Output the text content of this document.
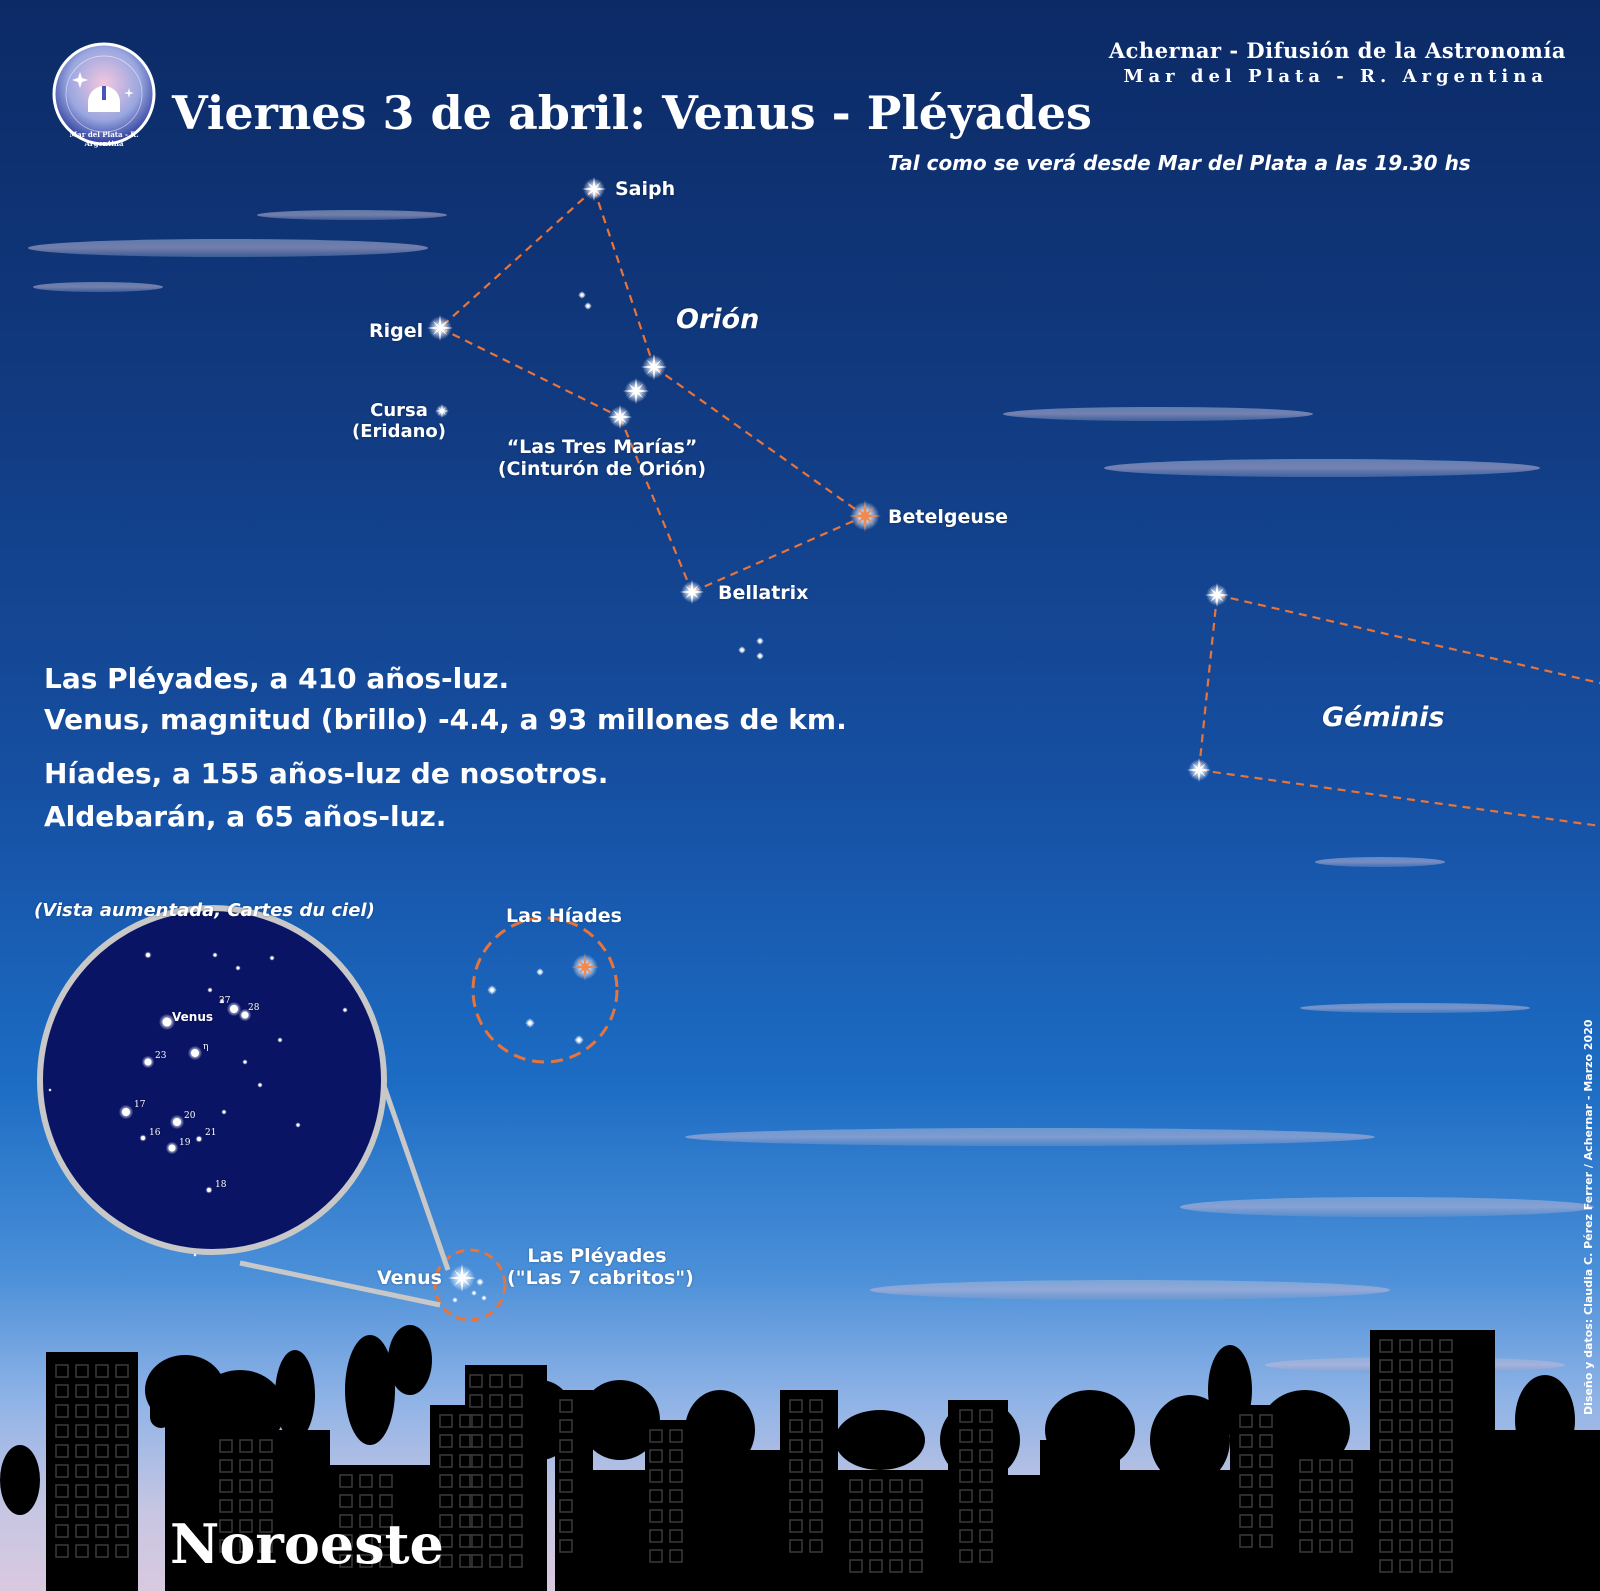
Viernes 3 de abril: Venus - Pléyades
Tal como se verá desde Mar del Plata a las 19.30 hs
Achernar - Difusión de la Astronomía
Mar del Plata - R. Argentina
Saiph
Rigel	Orión
Cursa
(Eridano)
“Las Tres Marías”
(Cinturón de Orión)
Betelgeuse
Bellatrix
Géminis
Las Pléyades, a 410 años-luz.
Venus, magnitud (brillo) -4.4, a 93 millones de km.
Híades, a 155 años-luz de nosotros.
Aldebarán, a 65 años-luz.
(Vista aumentada, Cartes du ciel)
Venus
27
28
η
23
17
20
16	21
19
18
Las Híades
Venus
Las Pléyades
("Las 7 cabritos")
Noroeste
Diseño y datos: Claudia C. Pérez Ferrer / Achernar - Marzo 2020
Mar del Plata - R. Argentina
